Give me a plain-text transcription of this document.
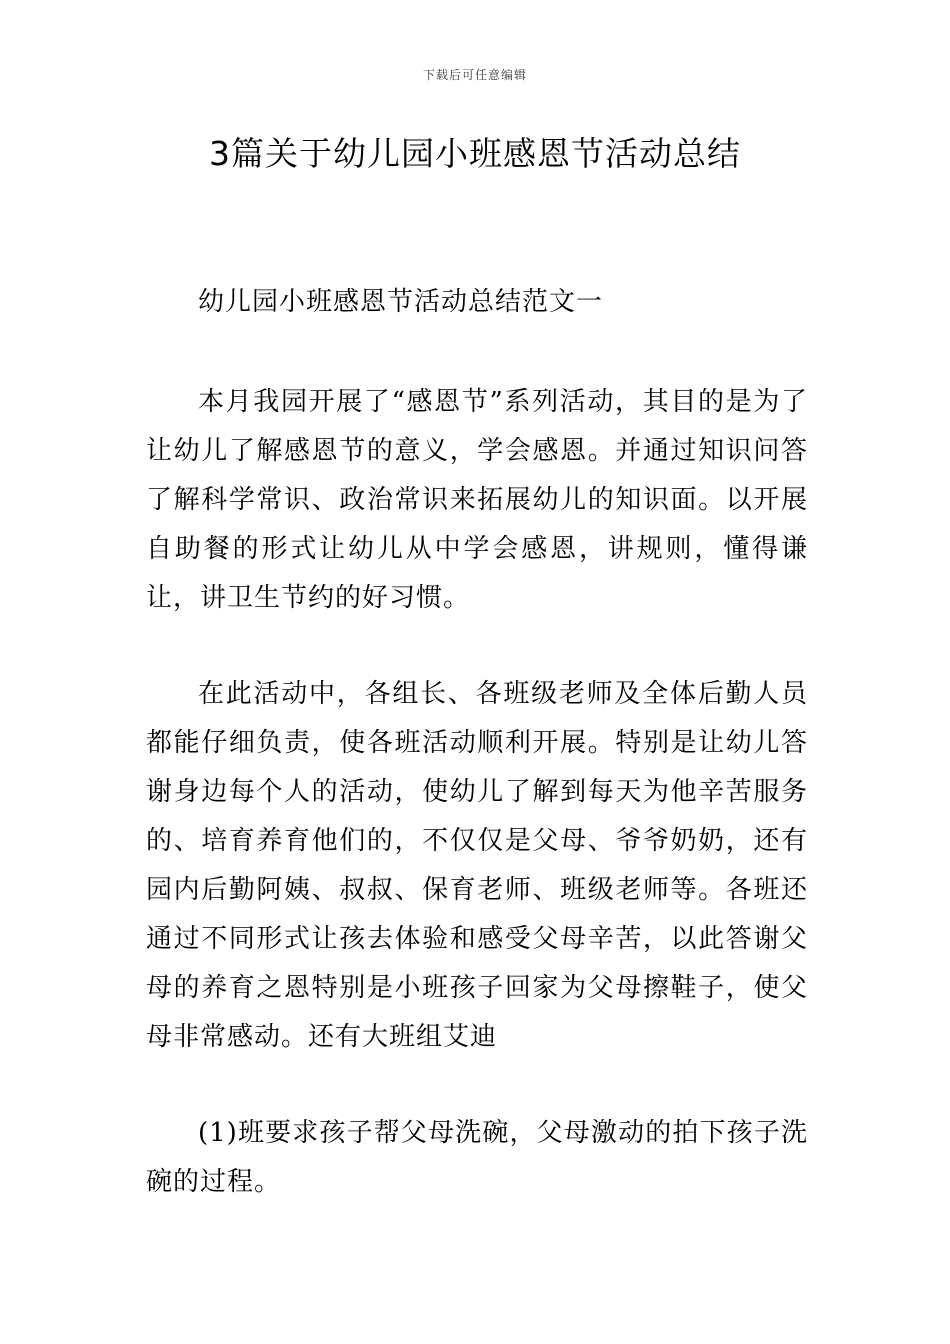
下载后可任意编辑
3篇关于幼儿园小班感恩节活动总结

幼儿园小班感恩节活动总结范文一

本月我园开展了“感恩节”系列活动，其目的是为了让幼儿了解感恩节的意义，学会感恩。并通过知识问答了解科学常识、政治常识来拓展幼儿的知识面。以开展自助餐的形式让幼儿从中学会感恩，讲规则，懂得谦让，讲卫生节约的好习惯。

在此活动中，各组长、各班级老师及全体后勤人员都能仔细负责，使各班活动顺利开展。特别是让幼儿答谢身边每个人的活动，使幼儿了解到每天为他辛苦服务的、培育养育他们的，不仅仅是父母、爷爷奶奶，还有园内后勤阿姨、叔叔、保育老师、班级老师等。各班还通过不同形式让孩去体验和感受父母辛苦，以此答谢父母的养育之恩特别是小班孩子回家为父母擦鞋子，使父母非常感动。还有大班组艾迪

(1)班要求孩子帮父母洗碗，父母激动的拍下孩子洗碗的过程。
